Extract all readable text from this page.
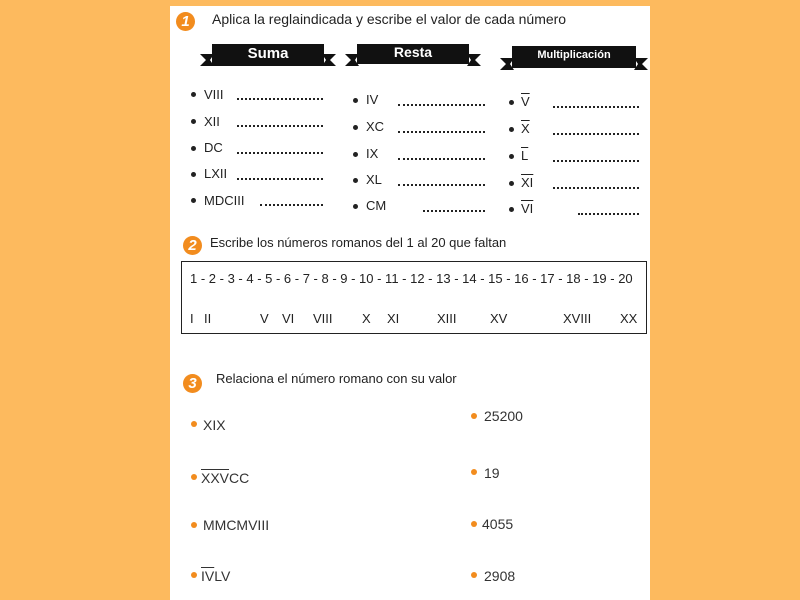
1	Aplica la reglaindicada y escribe el valor de cada número
Suma	Resta	Multiplicación
VIII
XII
DC
LXII
MDCIII
IV
XC
IX
XL
CM
$\overline{V}$
$\overline{X}$
$\overline{L}$
$\overline{XI}$
$\overline{VI}$
2	Escribe los números romanos del 1 al 20 que faltan
1 - 2 - 3 - 4 - 5 - 6 - 7 - 8 - 9 - 10 - 11 - 12 - 13 - 14 - 15 - 16 - 17 - 18 - 19 - 20
I II	V VI VIII X XI	XIII	XV	XVIII XX
3	Relaciona el número romano con su valor
XIX
$\overline{XXV}CC$
MMCMVIII
$\overline{IV}LV$
25200
19
4055
2908
